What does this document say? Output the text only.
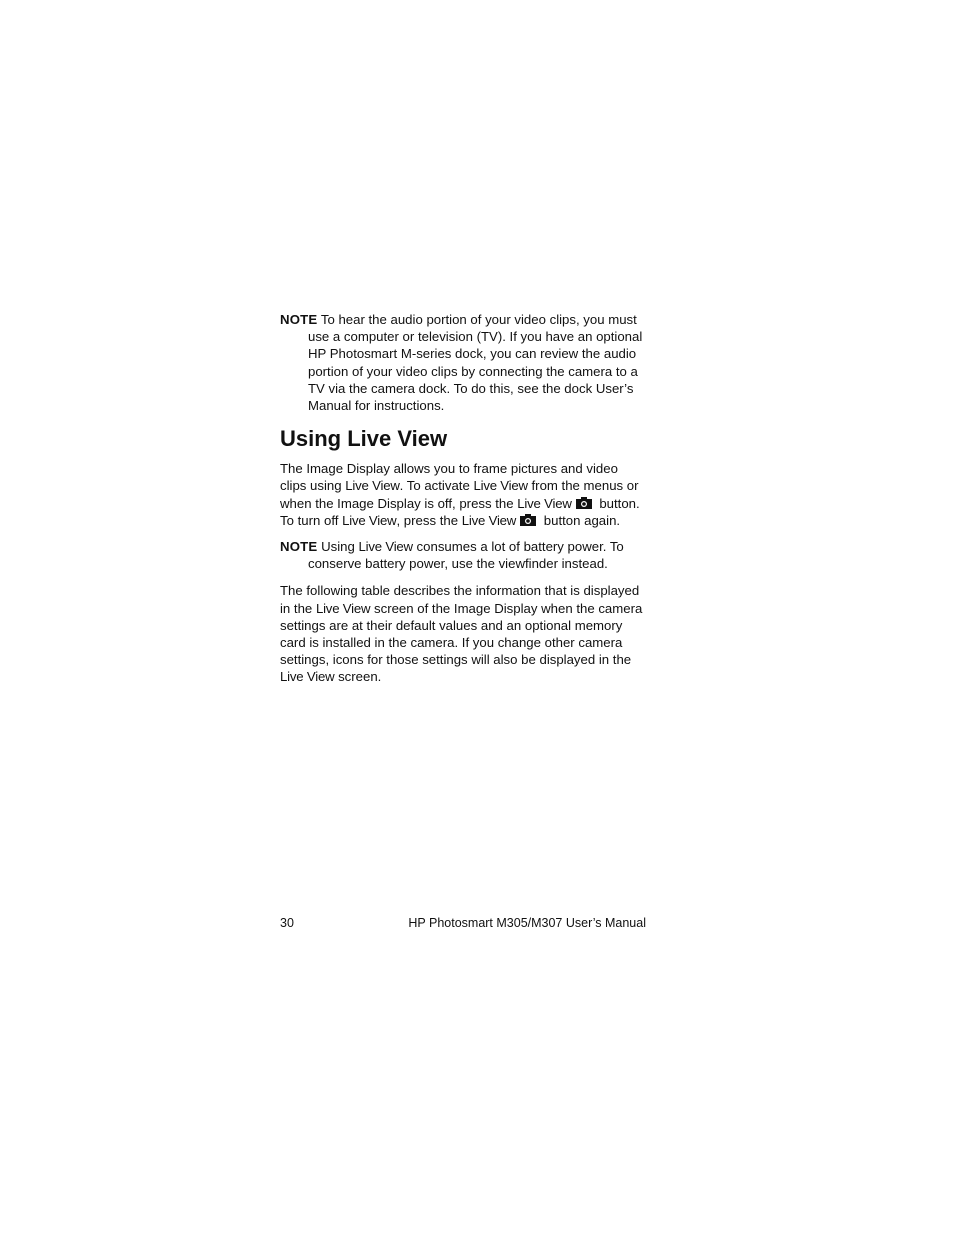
NOTE To hear the audio portion of your video clips, you must use a computer or television (TV). If you have an optional HP Photosmart M-series dock, you can review the audio portion of your video clips by connecting the camera to a TV via the camera dock. To do this, see the dock User’s Manual for instructions.

Using Live View

The Image Display allows you to frame pictures and video clips using Live View. To activate Live View from the menus or when the Image Display is off, press the Live View button. To turn off Live View, press the Live View button again.

NOTE Using Live View consumes a lot of battery power. To conserve battery power, use the viewfinder instead.

The following table describes the information that is displayed in the Live View screen of the Image Display when the camera settings are at their default values and an optional memory card is installed in the camera. If you change other camera settings, icons for those settings will also be displayed in the Live View screen.

30	HP Photosmart M305/M307 User’s Manual
